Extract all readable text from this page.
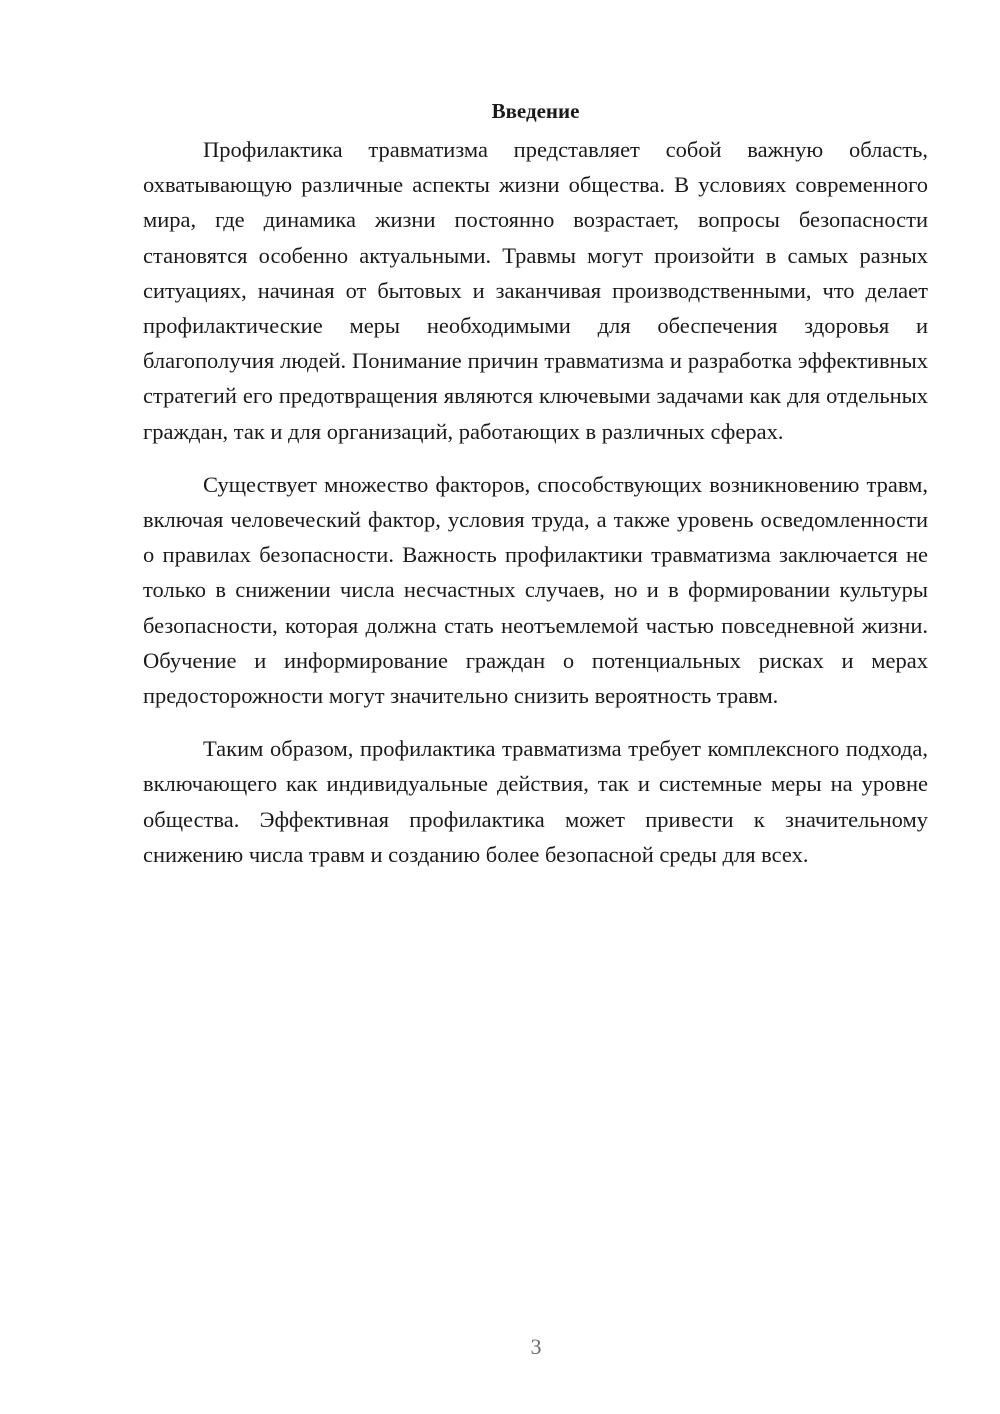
Введение

Профилактика травматизма представляет собой важную область, охватывающую различные аспекты жизни общества. В условиях современного мира, где динамика жизни постоянно возрастает, вопросы безопасности становятся особенно актуальными. Травмы могут произойти в самых разных ситуациях, начиная от бытовых и заканчивая производственными, что делает профилактические меры необходимыми для обеспечения здоровья и благополучия людей. Понимание причин травматизма и разработка эффективных стратегий его предотвращения являются ключевыми задачами как для отдельных граждан, так и для организаций, работающих в различных сферах.

Существует множество факторов, способствующих возникновению травм, включая человеческий фактор, условия труда, а также уровень осведомленности о правилах безопасности. Важность профилактики травматизма заключается не только в снижении числа несчастных случаев, но и в формировании культуры безопасности, которая должна стать неотъемлемой частью повседневной жизни. Обучение и информирование граждан о потенциальных рисках и мерах предосторожности могут значительно снизить вероятность травм.

Таким образом, профилактика травматизма требует комплексного подхода, включающего как индивидуальные действия, так и системные меры на уровне общества. Эффективная профилактика может привести к значительному снижению числа травм и созданию более безопасной среды для всех.

3
